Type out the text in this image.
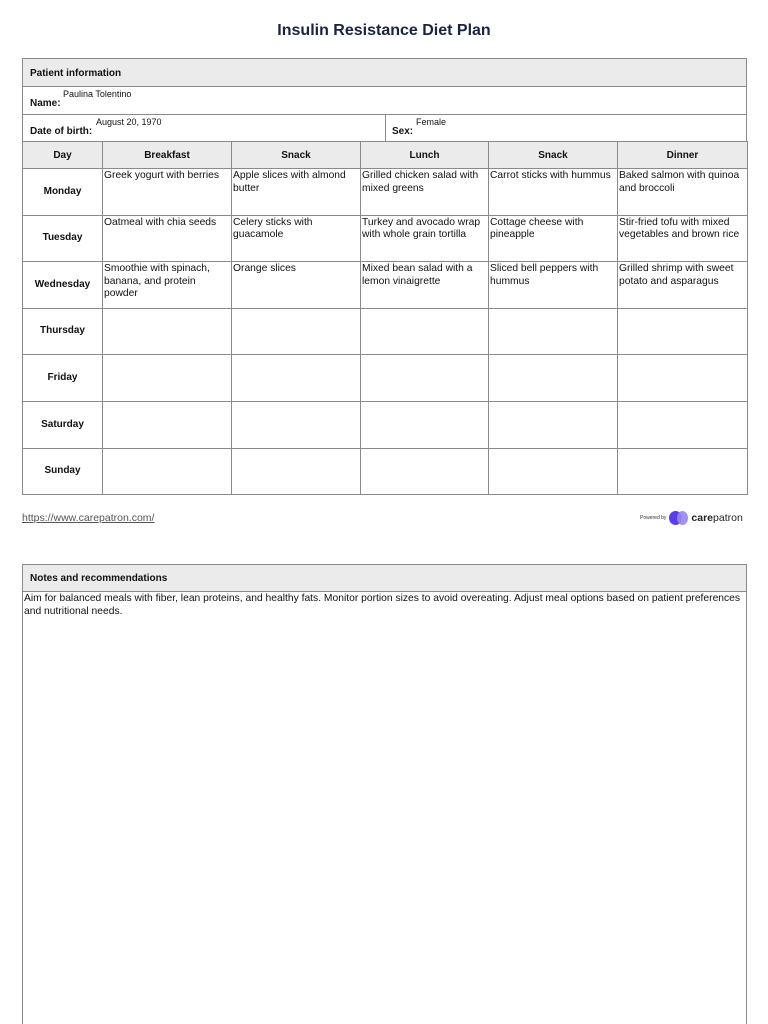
Insulin Resistance Diet Plan
Patient information
Name:
Paulina Tolentino
Date of birth:
August 20, 1970
Sex:
Female
Day	Breakfast	Snack	Lunch	Snack	Dinner
Monday	Greek yogurt with berries	Apple slices with almond butter	Grilled chicken salad with mixed greens	Carrot sticks with hummus	Baked salmon with quinoa and broccoli
Tuesday	Oatmeal with chia seeds	Celery sticks with guacamole	Turkey and avocado wrap with whole grain tortilla	Cottage cheese with pineapple	Stir-fried tofu with mixed vegetables and brown rice
Wednesday	Smoothie with spinach, banana, and protein powder	Orange slices	Mixed bean salad with a lemon vinaigrette	Sliced bell peppers with hummus	Grilled shrimp with sweet potato and asparagus
Thursday					
Friday					
Saturday					
Sunday					
https://www.carepatron.com/	Powered by carepatron
Notes and recommendations
Aim for balanced meals with fiber, lean proteins, and healthy fats. Monitor portion sizes to avoid overeating. Adjust meal options based on patient preferences and nutritional needs.
